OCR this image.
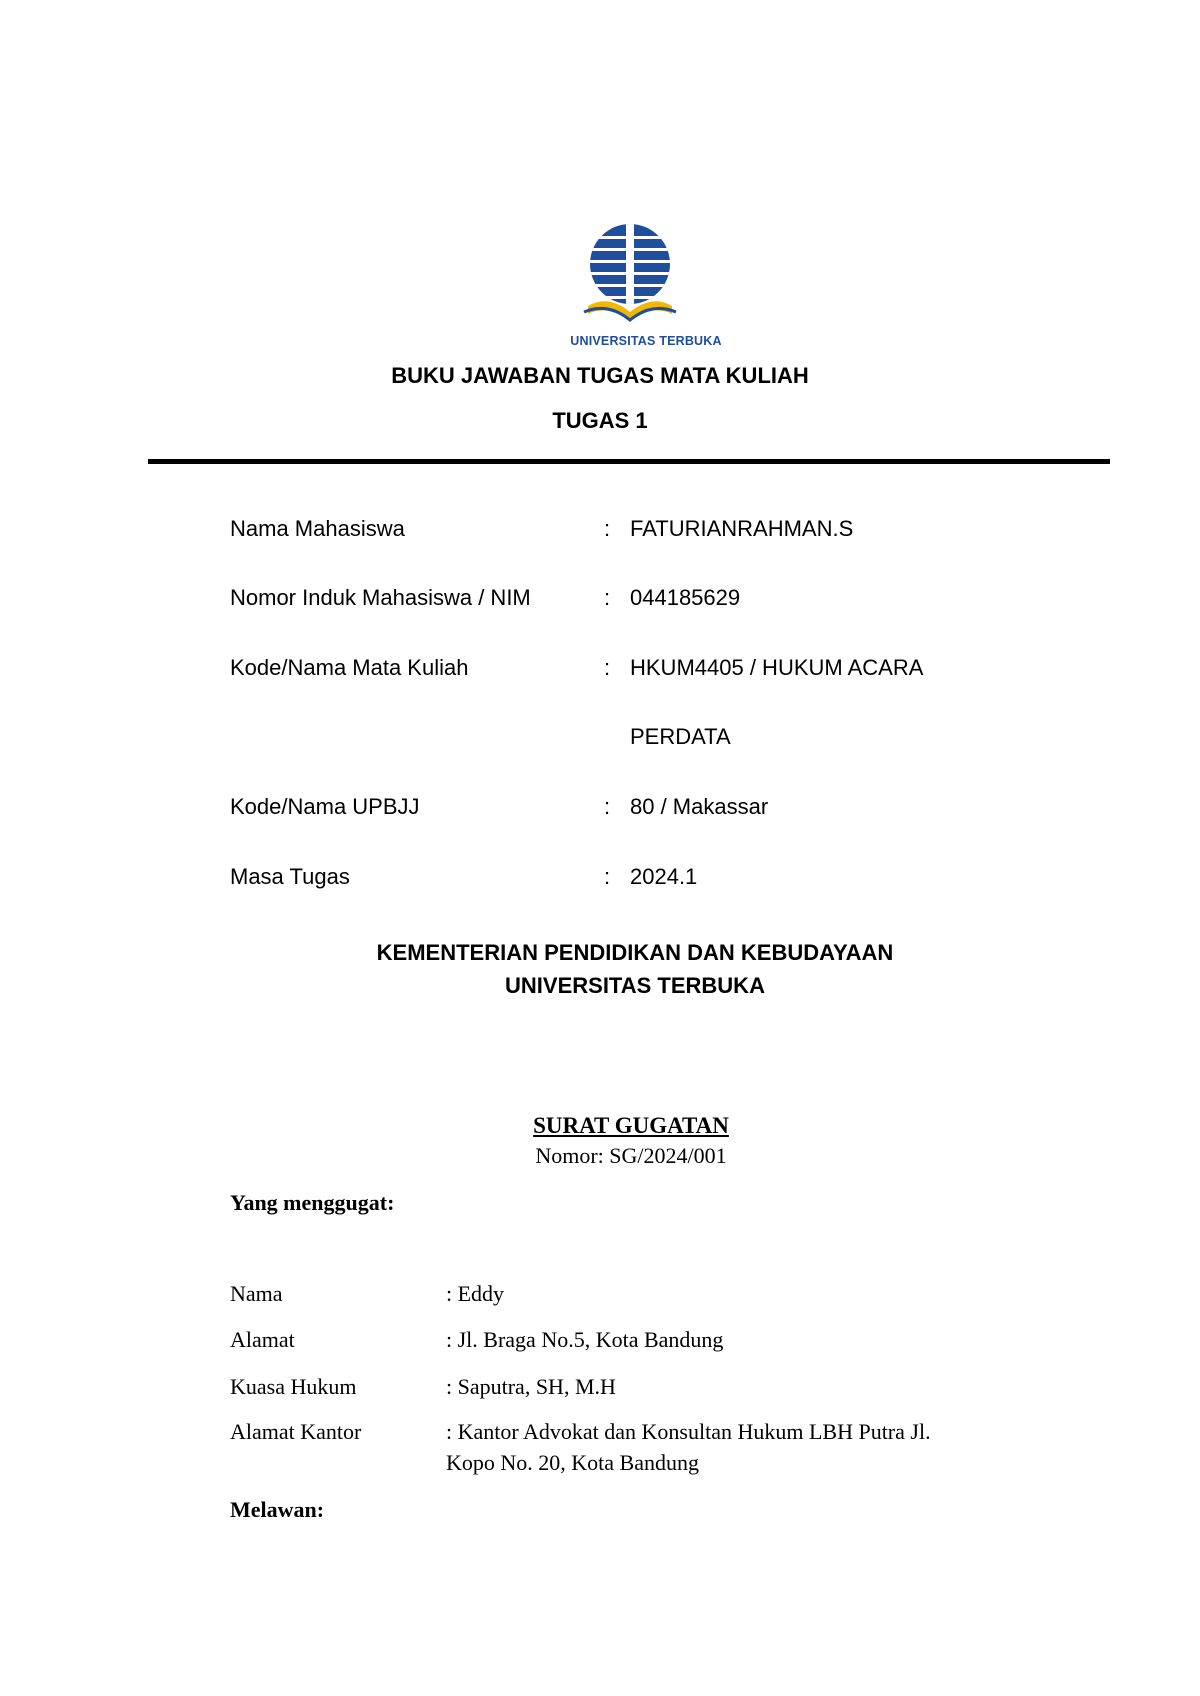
UNIVERSITAS TERBUKA
BUKU JAWABAN TUGAS MATA KULIAH
TUGAS 1
Nama Mahasiswa	: FATURIANRAHMAN.S
Nomor Induk Mahasiswa / NIM	: 044185629
Kode/Nama Mata Kuliah	: HKUM4405 / HUKUM ACARA
PERDATA
Kode/Nama UPBJJ	: 80 / Makassar
Masa Tugas	: 2024.1
KEMENTERIAN PENDIDIKAN DAN KEBUDAYAAN
UNIVERSITAS TERBUKA
SURAT GUGATAN
Nomor: SG/2024/001
Yang menggugat:
Nama	: Eddy
Alamat	: Jl. Braga No.5, Kota Bandung
Kuasa Hukum	: Saputra, SH, M.H
Alamat Kantor	: Kantor Advokat dan Konsultan Hukum LBH Putra Jl.
Kopo No. 20, Kota Bandung
Melawan:
